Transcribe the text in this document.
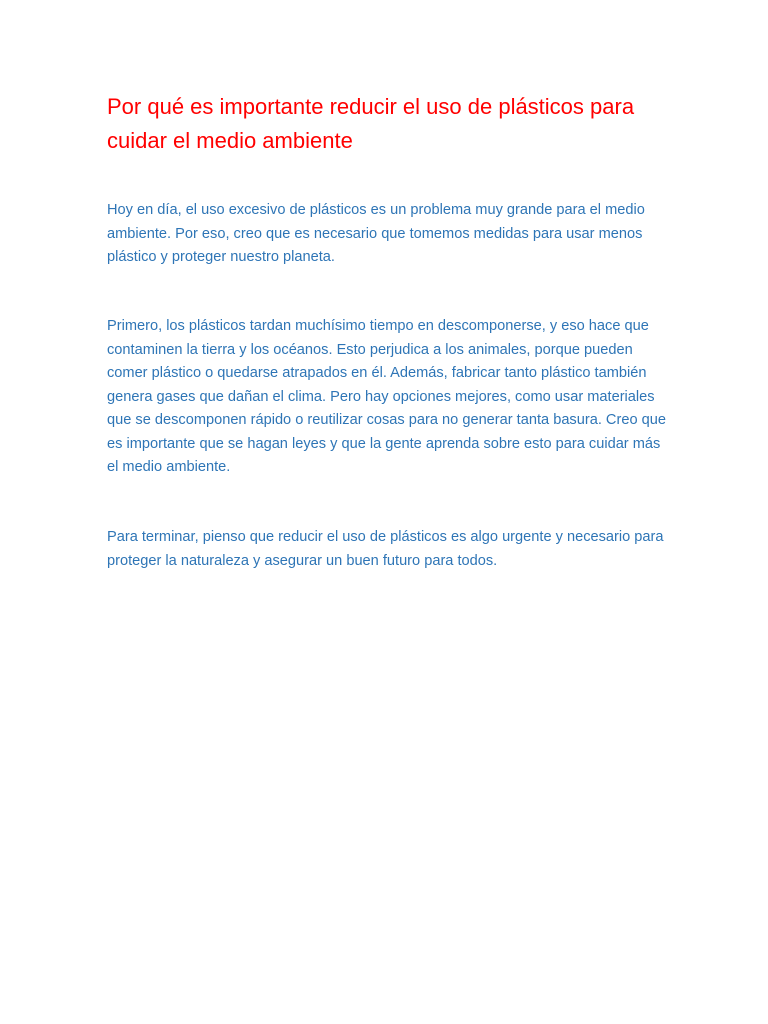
Por qué es importante reducir el uso de plásticos para cuidar el medio ambiente

Hoy en día, el uso excesivo de plásticos es un problema muy grande para el medio ambiente. Por eso, creo que es necesario que tomemos medidas para usar menos plástico y proteger nuestro planeta.

Primero, los plásticos tardan muchísimo tiempo en descomponerse, y eso hace que contaminen la tierra y los océanos. Esto perjudica a los animales, porque pueden comer plástico o quedarse atrapados en él. Además, fabricar tanto plástico también genera gases que dañan el clima. Pero hay opciones mejores, como usar materiales que se descomponen rápido o reutilizar cosas para no generar tanta basura. Creo que es importante que se hagan leyes y que la gente aprenda sobre esto para cuidar más el medio ambiente.

Para terminar, pienso que reducir el uso de plásticos es algo urgente y necesario para proteger la naturaleza y asegurar un buen futuro para todos.
